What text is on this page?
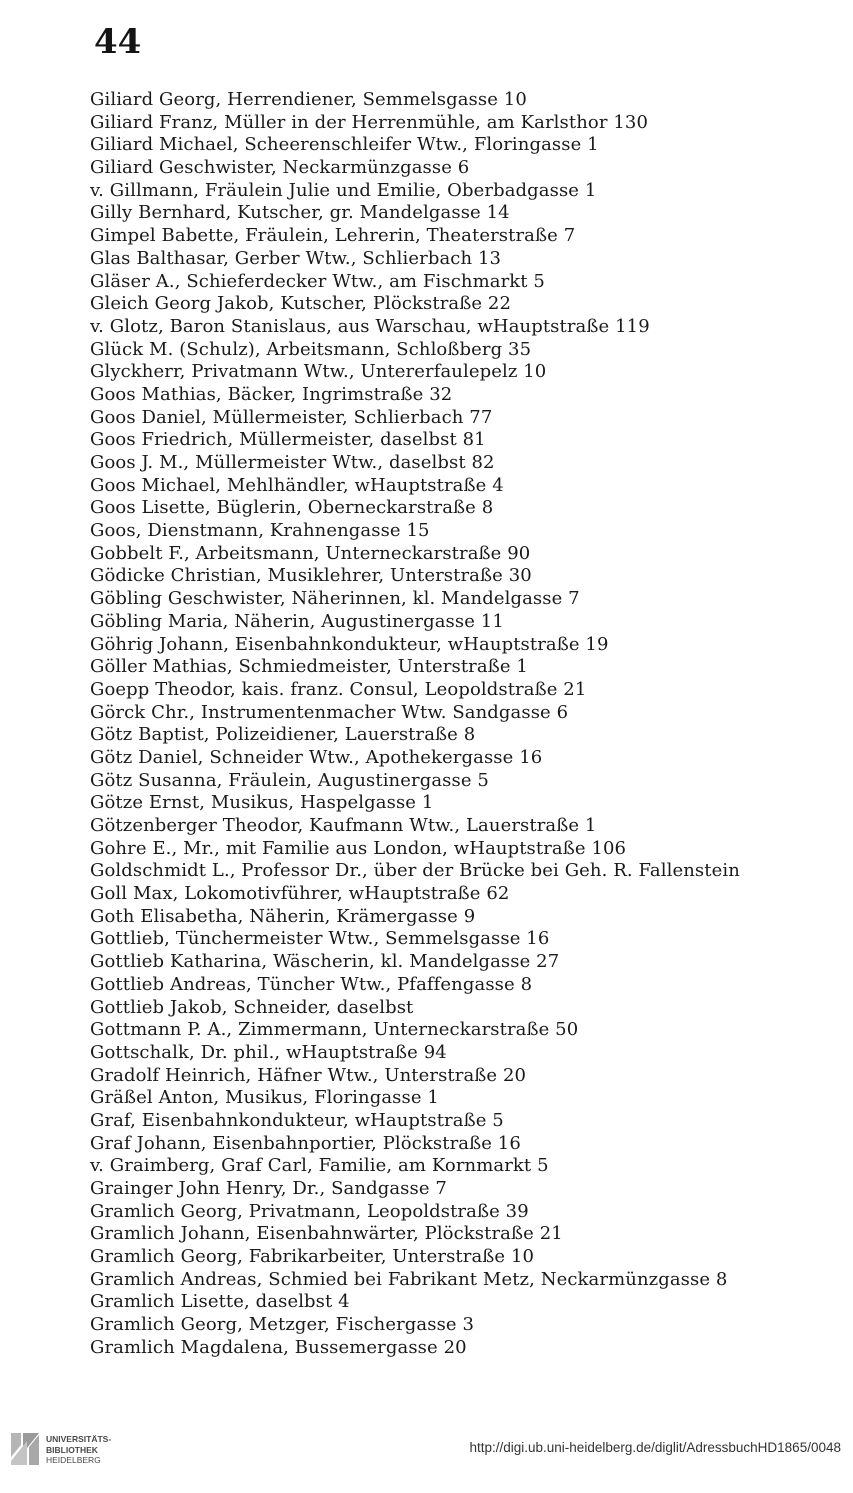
44
Giliard Georg, Herrendiener, Semmelsgasse 10
Giliard Franz, Müller in der Herrenmühle, am Karlsthor 130
Giliard Michael, Scheerenschleifer Wtw., Floringasse 1
Giliard Geschwister, Neckarmünzgasse 6
v. Gillmann, Fräulein Julie und Emilie, Oberbadgasse 1
Gilly Bernhard, Kutscher, gr. Mandelgasse 14
Gimpel Babette, Fräulein, Lehrerin, Theaterstraße 7
Glas Balthasar, Gerber Wtw., Schlierbach 13
Gläser A., Schieferdecker Wtw., am Fischmarkt 5
Gleich Georg Jakob, Kutscher, Plöckstraße 22
v. Glotz, Baron Stanislaus, aus Warschau, wHauptstraße 119
Glück M. (Schulz), Arbeitsmann, Schloßberg 35
Glyckherr, Privatmann Wtw., Untererfaulepelz 10
Goos Mathias, Bäcker, Ingrimstraße 32
Goos Daniel, Müllermeister, Schlierbach 77
Goos Friedrich, Müllermeister, daselbst 81
Goos J. M., Müllermeister Wtw., daselbst 82
Goos Michael, Mehlhändler, wHauptstraße 4
Goos Lisette, Büglerin, Oberneckarstraße 8
Goos, Dienstmann, Krahnengasse 15
Gobbelt F., Arbeitsmann, Unterneckarstraße 90
Gödicke Christian, Musiklehrer, Unterstraße 30
Göbling Geschwister, Näherinnen, kl. Mandelgasse 7
Göbling Maria, Näherin, Augustinergasse 11
Göhrig Johann, Eisenbahnkondukteur, wHauptstraße 19
Göller Mathias, Schmiedmeister, Unterstraße 1
Goepp Theodor, kais. franz. Consul, Leopoldstraße 21
Görck Chr., Instrumentenmacher Wtw. Sandgasse 6
Götz Baptist, Polizeidiener, Lauerstraße 8
Götz Daniel, Schneider Wtw., Apothekergasse 16
Götz Susanna, Fräulein, Augustinergasse 5
Götze Ernst, Musikus, Haspelgasse 1
Götzenberger Theodor, Kaufmann Wtw., Lauerstraße 1
Gohre E., Mr., mit Familie aus London, wHauptstraße 106
Goldschmidt L., Professor Dr., über der Brücke bei Geh. R. Fallenstein
Goll Max, Lokomotivführer, wHauptstraße 62
Goth Elisabetha, Näherin, Krämergasse 9
Gottlieb, Tünchermeister Wtw., Semmelsgasse 16
Gottlieb Katharina, Wäscherin, kl. Mandelgasse 27
Gottlieb Andreas, Tüncher Wtw., Pfaffengasse 8
Gottlieb Jakob, Schneider, daselbst
Gottmann P. A., Zimmermann, Unterneckarstraße 50
Gottschalk, Dr. phil., wHauptstraße 94
Gradolf Heinrich, Häfner Wtw., Unterstraße 20
Gräßel Anton, Musikus, Floringasse 1
Graf, Eisenbahnkondukteur, wHauptstraße 5
Graf Johann, Eisenbahnportier, Plöckstraße 16
v. Graimberg, Graf Carl, Familie, am Kornmarkt 5
Grainger John Henry, Dr., Sandgasse 7
Gramlich Georg, Privatmann, Leopoldstraße 39
Gramlich Johann, Eisenbahnwärter, Plöckstraße 21
Gramlich Georg, Fabrikarbeiter, Unterstraße 10
Gramlich Andreas, Schmied bei Fabrikant Metz, Neckarmünzgasse 8
Gramlich Lisette, daselbst 4
Gramlich Georg, Metzger, Fischergasse 3
Gramlich Magdalena, Bussemergasse 20
UNIVERSITÄTS-
BIBLIOTHEK
HEIDELBERG
http://digi.ub.uni-heidelberg.de/diglit/AdressbuchHD1865/0048
